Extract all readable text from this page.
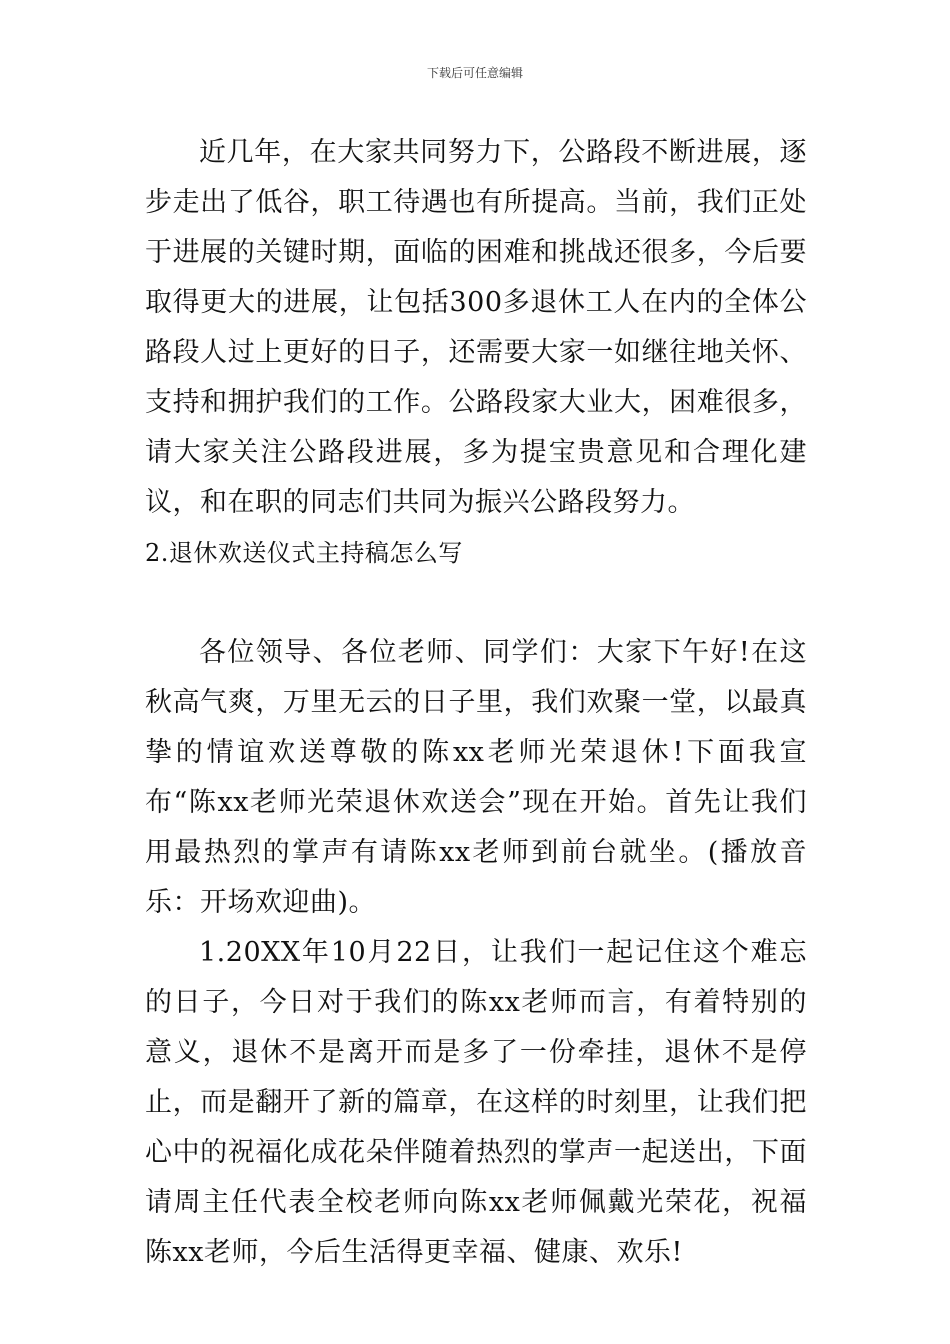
下载后可任意编辑

近几年，在大家共同努力下，公路段不断进展，逐步走出了低谷，职工待遇也有所提高。当前，我们正处于进展的关键时期，面临的困难和挑战还很多，今后要取得更大的进展，让包括300多退休工人在内的全体公路段人过上更好的日子，还需要大家一如继往地关怀、支持和拥护我们的工作。公路段家大业大，困难很多，请大家关注公路段进展，多为提宝贵意见和合理化建议，和在职的同志们共同为振兴公路段努力。

2.退休欢送仪式主持稿怎么写

各位领导、各位老师、同学们：大家下午好!在这秋高气爽，万里无云的日子里，我们欢聚一堂，以最真挚的情谊欢送尊敬的陈xx老师光荣退休!下面我宣布“陈xx老师光荣退休欢送会”现在开始。首先让我们用最热烈的掌声有请陈xx老师到前台就坐。(播放音乐：开场欢迎曲)。

1.20XX年10月22日，让我们一起记住这个难忘的日子，今日对于我们的陈xx老师而言，有着特别的意义，退休不是离开而是多了一份牵挂，退休不是停止，而是翻开了新的篇章，在这样的时刻里，让我们把心中的祝福化成花朵伴随着热烈的掌声一起送出，下面请周主任代表全校老师向陈xx老师佩戴光荣花，祝福陈xx老师，今后生活得更幸福、健康、欢乐!
